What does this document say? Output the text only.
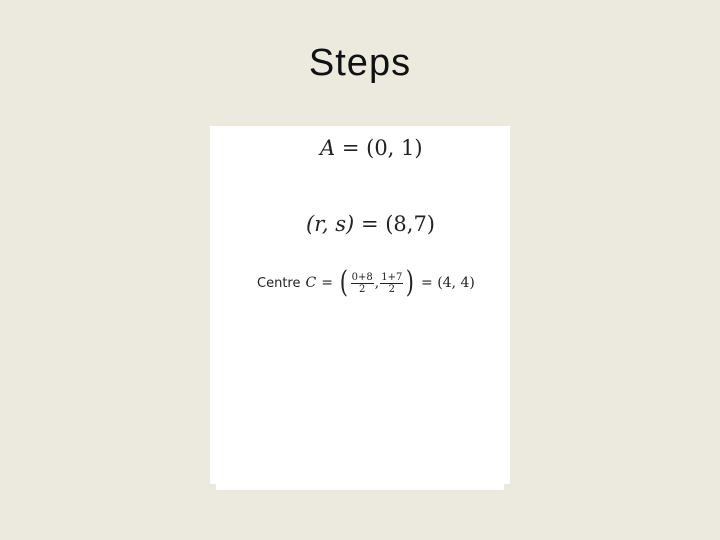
Steps
A = (0, 1)
(r, s) = (8,7)
Centre C = ( $\frac{0+8}{2}$ , $\frac{1+7}{2}$ ) = (4, 4)
